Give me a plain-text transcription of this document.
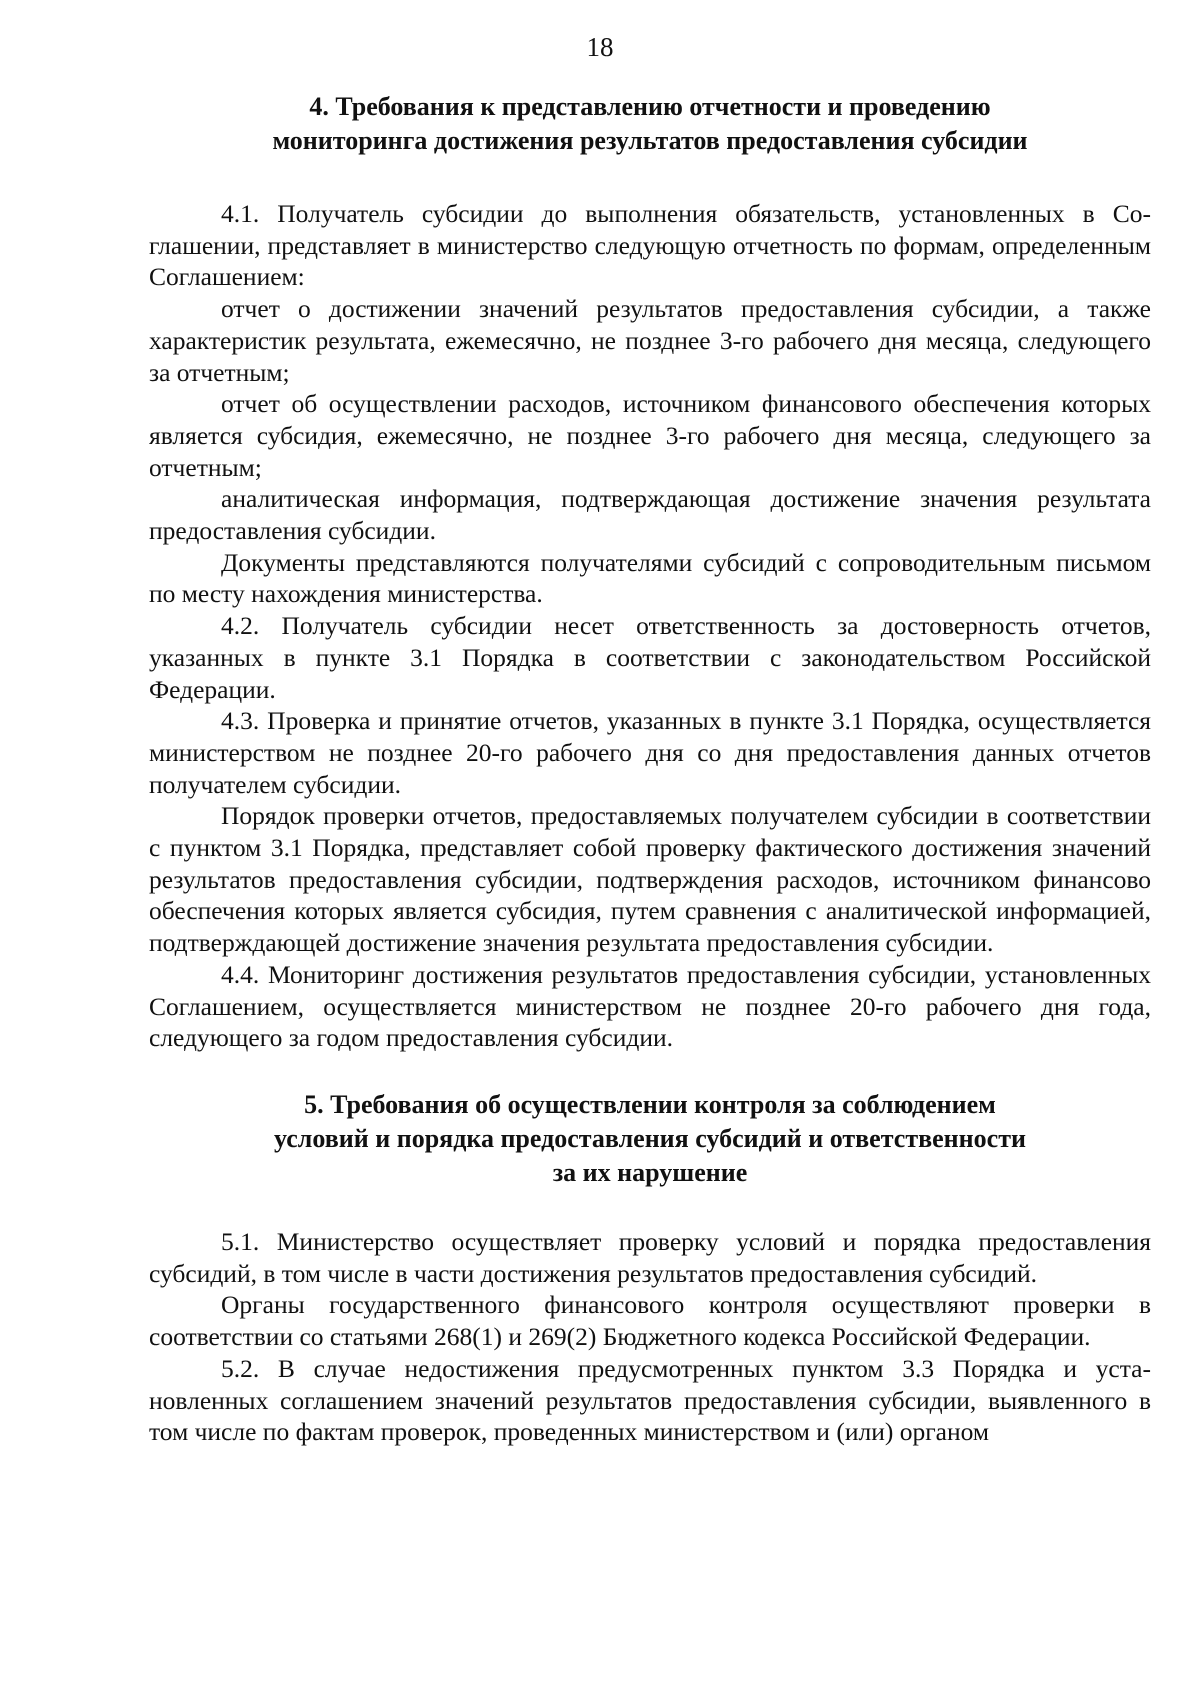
18
4. Требования к представлению отчетности и проведению
мониторинга достижения результатов предоставления субсидии

4.1. Получатель субсидии до выполнения обязательств, установленных в Соглашении, представляет в министерство следующую отчетность по формам, определенным Соглашением:

отчет о достижении значений результатов предоставления субсидии, а также характеристик результата, ежемесячно, не позднее 3-го рабочего дня месяца, следующего за отчетным;

отчет об осуществлении расходов, источником финансового обеспечения которых является субсидия, ежемесячно, не позднее 3-го рабочего дня месяца, следующего за отчетным;

аналитическая информация, подтверждающая достижение значения результата предоставления субсидии.

Документы представляются получателями субсидий с сопроводительным письмом по месту нахождения министерства.

4.2. Получатель субсидии несет ответственность за достоверность отчетов, указанных в пункте 3.1 Порядка в соответствии с законодательством Российской Федерации.

4.3. Проверка и принятие отчетов, указанных в пункте 3.1 Порядка, осуществляется министерством не позднее 20-го рабочего дня со дня предоставления данных отчетов получателем субсидии.

Порядок проверки отчетов, предоставляемых получателем субсидии в соответствии с пунктом 3.1 Порядка, представляет собой проверку фактического достижения значений результатов предоставления субсидии, подтверждения расходов, источником финансово обеспечения которых является субсидия, путем сравнения с аналитической информацией, подтверждающей достижение значения результата предоставления субсидии.

4.4. Мониторинг достижения результатов предоставления субсидии, установленных Соглашением, осуществляется министерством не позднее 20-го рабочего дня года, следующего за годом предоставления субсидии.

5. Требования об осуществлении контроля за соблюдением
условий и порядка предоставления субсидий и ответственности
за их нарушение

5.1. Министерство осуществляет проверку условий и порядка предоставления субсидий, в том числе в части достижения результатов предоставления субсидий.

Органы государственного финансового контроля осуществляют проверки в соответствии со статьями 268(1) и 269(2) Бюджетного кодекса Российской Федерации.

5.2. В случае недостижения предусмотренных пунктом 3.3 Порядка и установленных соглашением значений результатов предоставления субсидии, выявленного в том числе по фактам проверок, проведенных министерством и (или) органом
